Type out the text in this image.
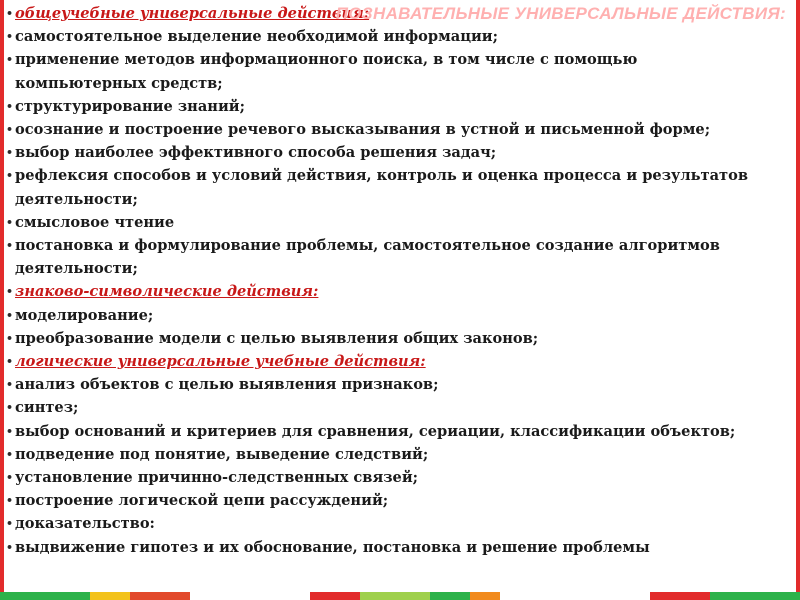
• общеучебные универсальные действия:
• самостоятельное выделение необходимой информации;
• применение методов информационного поиска, в том числе с помощью
компьютерных средств;
• структурирование знаний;
• осознание и построение речевого высказывания в устной и письменной форме;
• выбор наиболее эффективного способа решения задач;
• рефлексия способов и условий действия, контроль и оценка процесса и результатов
деятельности;
• смысловое чтение
• постановка и формулирование проблемы, самостоятельное создание алгоритмов
деятельности;
• знаково-символические действия:
• моделирование;
• преобразование модели с целью выявления общих законов;
• логические универсальные учебные действия:
• анализ объектов с целью выявления признаков;
• синтез;
• выбор оснований и критериев для сравнения, сериации, классификации объектов;
• подведение под понятие, выведение следствий;
• установление причинно-следственных связей;
• построение логической цепи рассуждений;
• доказательство:
• выдвижение гипотез и их обоснование, постановка и решение проблемы
ПОЗНАВАТЕЛЬНЫЕ УНИВЕРСАЛЬНЫЕ ДЕЙСТВИЯ:
